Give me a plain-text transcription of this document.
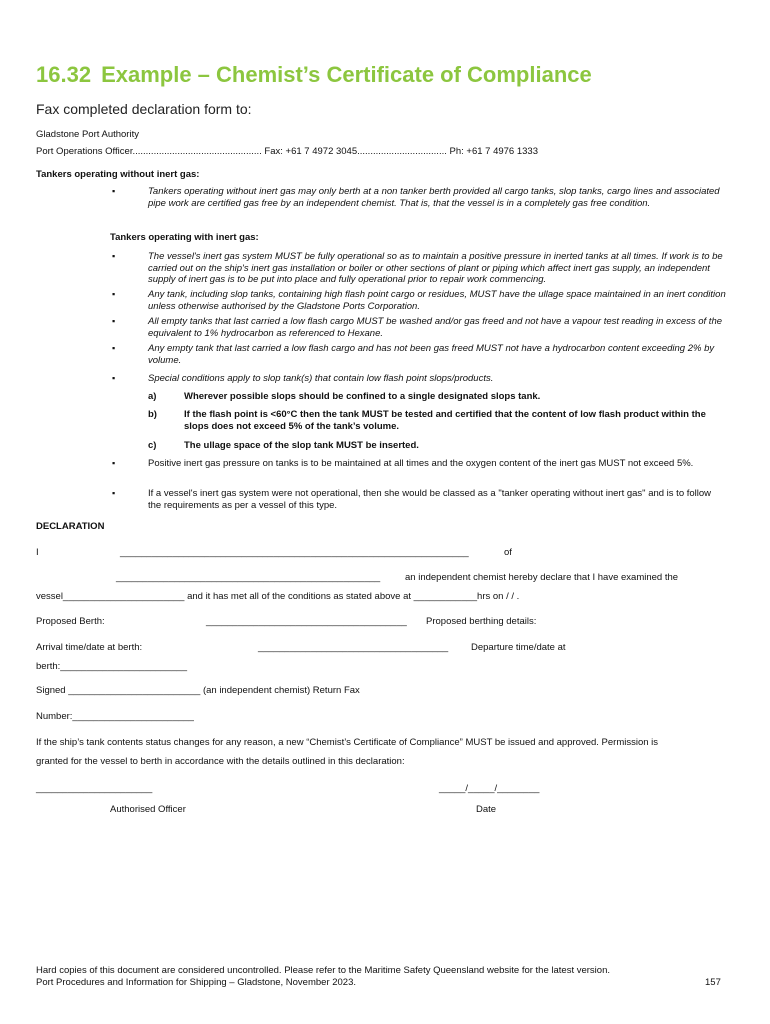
16.32 Example – Chemist’s Certificate of Compliance
Fax completed declaration form to:
Gladstone Port Authority
Port Operations Officer................................................. Fax: +61 7 4972 3045.................................. Ph: +61 7 4976 1333
Tankers operating without inert gas:
▪	Tankers operating without inert gas may only berth at a non tanker berth provided all cargo tanks, slop tanks, cargo lines and associated pipe work are certified gas free by an independent chemist. That is, that the vessel is in a completely gas free condition.
Tankers operating with inert gas:
▪	The vessel's inert gas system MUST be fully operational so as to maintain a positive pressure in inerted tanks at all times. If work is to be carried out on the ship's inert gas installation or boiler or other sections of plant or piping which affect inert gas supply, an independent supply of inert gas is to be put into place and fully operational prior to repair work commencing.
▪	Any tank, including slop tanks, containing high flash point cargo or residues, MUST have the ullage space maintained in an inert condition unless otherwise authorised by the Gladstone Ports Corporation.
▪	All empty tanks that last carried a low flash cargo MUST be washed and/or gas freed and not have a vapour test reading in excess of the equivalent to 1% hydrocarbon as referenced to Hexane.
▪	Any empty tank that last carried a low flash cargo and has not been gas freed MUST not have a hydrocarbon content exceeding 2% by volume.
▪	Special conditions apply to slop tank(s) that contain low flash point slops/products.
a)	Wherever possible slops should be confined to a single designated slops tank.
b)	If the flash point is <60°C then the tank MUST be tested and certified that the content of low flash product within the slops does not exceed 5% of the tank’s volume.
c)	The ullage space of the slop tank MUST be inserted.
▪	Positive inert gas pressure on tanks is to be maintained at all times and the oxygen content of the inert gas MUST not exceed 5%.
▪	If a vessel's inert gas system were not operational, then she would be classed as a "tanker operating without inert gas" and is to follow the requirements as per a vessel of this type.
DECLARATION
I	__________________________________________________________________	of
__________________________________________________	an independent chemist hereby declare that I have examined the
vessel_______________________ and it has met all of the conditions as stated above at ____________hrs on / / .
Proposed Berth:	______________________________________ Proposed berthing details:
Arrival time/date at berth:	____________________________________ Departure time/date at
berth:________________________
Signed _________________________ (an independent chemist) Return Fax
Number:_______________________
If the ship’s tank contents status changes for any reason, a new “Chemist’s Certificate of Compliance” MUST be issued and approved. Permission is
granted for the vessel to berth in accordance with the details outlined in this declaration:
______________________	_____/_____/________
Authorised Officer	Date
Hard copies of this document are considered uncontrolled. Please refer to the Maritime Safety Queensland website for the latest version.
Port Procedures and Information for Shipping – Gladstone, November 2023.	157
